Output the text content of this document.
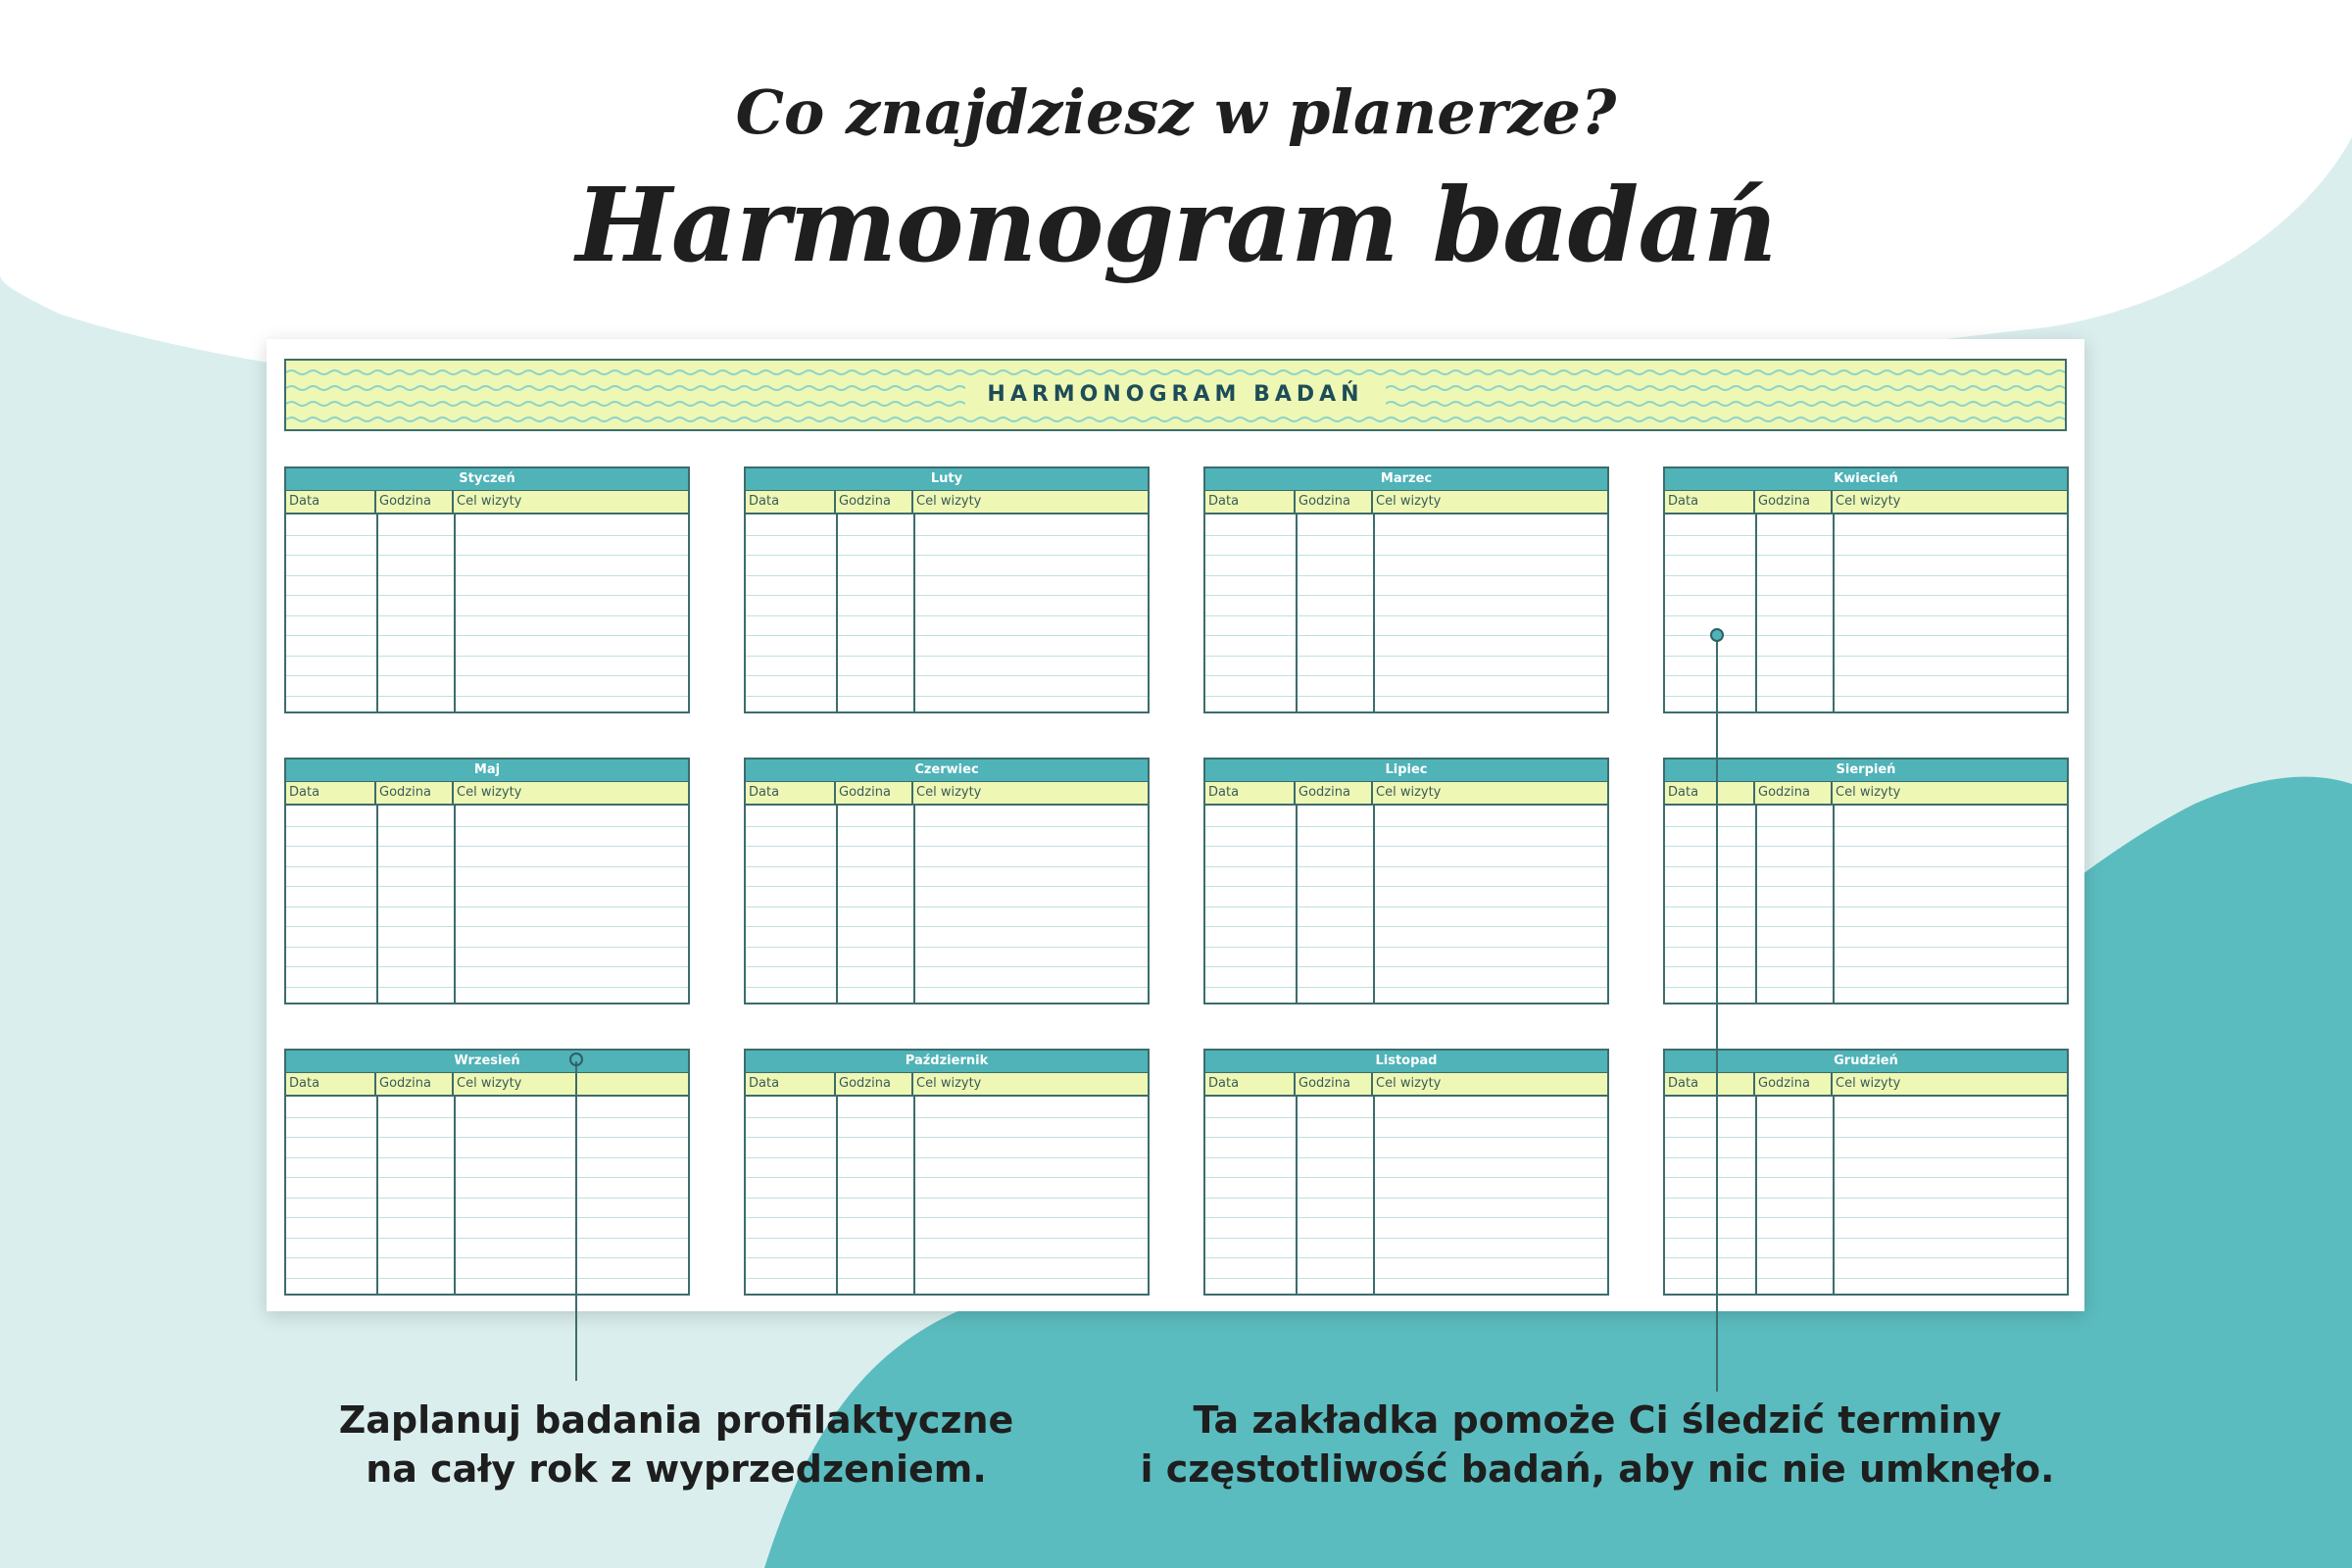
Co znajdziesz w planerze?
Harmonogram badań
HARMONOGRAM BADAŃ
Styczeń
Data	Godzina	Cel wizyty
Luty
Data	Godzina	Cel wizyty
Marzec
Data	Godzina	Cel wizyty
Kwiecień
Data	Godzina	Cel wizyty
Maj
Data	Godzina	Cel wizyty
Czerwiec
Data	Godzina	Cel wizyty
Lipiec
Data	Godzina	Cel wizyty
Sierpień
Data	Godzina	Cel wizyty
Wrzesień
Data	Godzina	Cel wizyty
Październik
Data	Godzina	Cel wizyty
Listopad
Data	Godzina	Cel wizyty
Grudzień
Data	Godzina	Cel wizyty
Zaplanuj badania profilaktyczne
na cały rok z wyprzedzeniem.
Ta zakładka pomoże Ci śledzić terminy
i częstotliwość badań, aby nic nie umknęło.
